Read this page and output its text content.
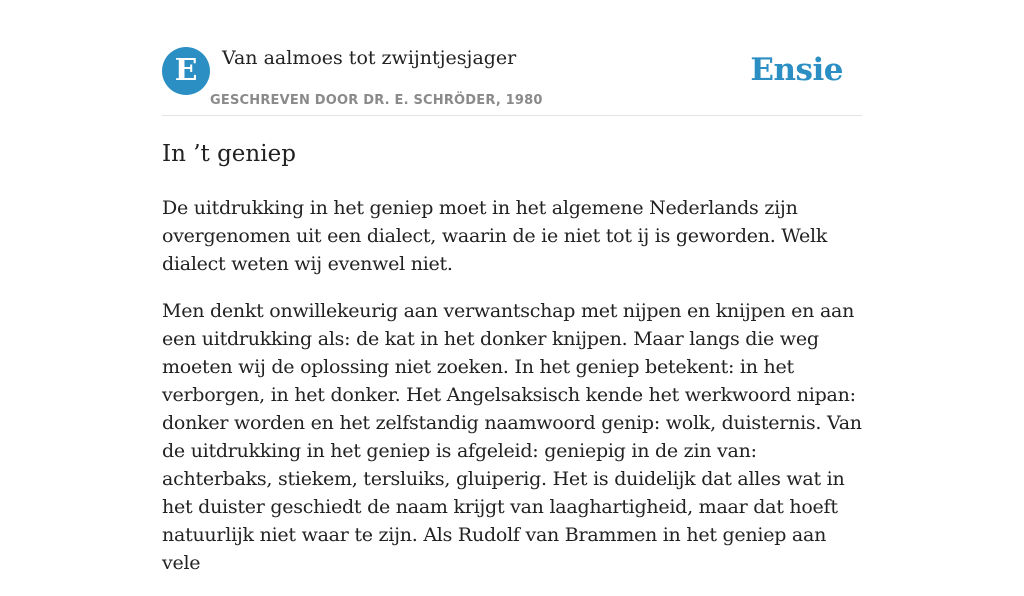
E	Van aalmoes tot zwijntjesjager
GESCHREVEN DOOR DR. E. SCHRÖDER, 1980
Ensie
In ’t geniep

De uitdrukking in het geniep moet in het algemene Nederlands zijn overgenomen uit een dialect, waarin de ie niet tot ij is geworden. Welk dialect weten wij evenwel niet.

Men denkt onwillekeurig aan verwantschap met nijpen en knijpen en aan een uitdrukking als: de kat in het donker knijpen. Maar langs die weg moeten wij de oplossing niet zoeken. In het geniep betekent: in het verborgen, in het donker. Het Angelsaksisch kende het werkwoord nipan: donker worden en het zelfstandig naamwoord genip: wolk, duisternis. Van de uitdrukking in het geniep is afgeleid: geniepig in de zin van: achterbaks, stiekem, tersluiks, gluiperig. Het is duidelijk dat alles wat in het duister geschiedt de naam krijgt van laaghartigheid, maar dat hoeft natuurlijk niet waar te zijn. Als Rudolf van Brammen in het geniep aan vele
